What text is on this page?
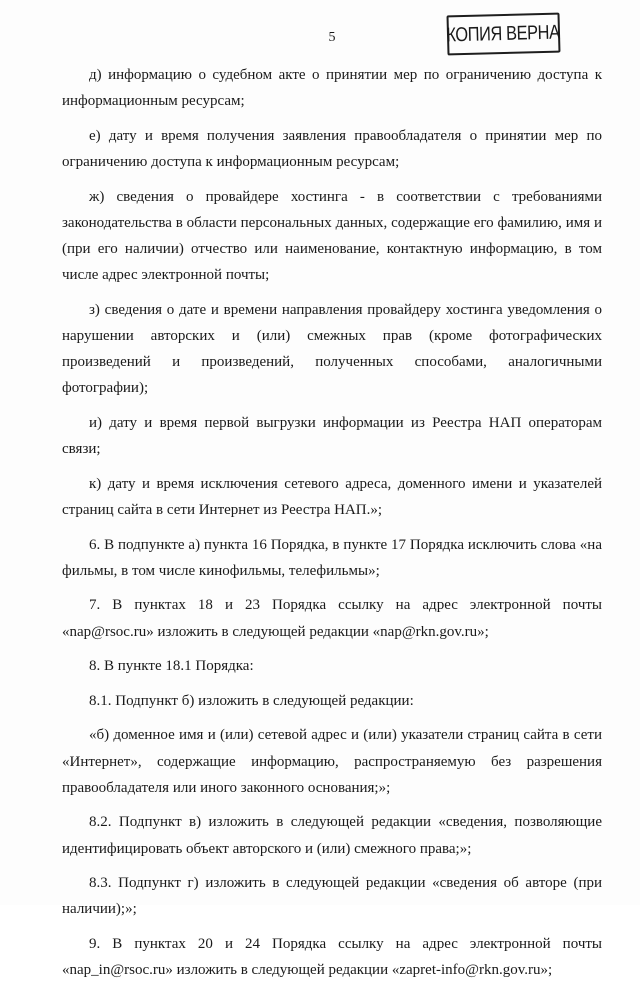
5	КОПИЯ ВЕРНА

д) информацию о судебном акте о принятии мер по ограничению доступа к информационным ресурсам;

е) дату и время получения заявления правообладателя о принятии мер по ограничению доступа к информационным ресурсам;

ж) сведения о провайдере хостинга - в соответствии с требованиями законодательства в области персональных данных, содержащие его фамилию, имя и (при его наличии) отчество или наименование, контактную информацию, в том числе адрес электронной почты;

з) сведения о дате и времени направления провайдеру хостинга уведомления о нарушении авторских и (или) смежных прав (кроме фотографических произведений и произведений, полученных способами, аналогичными фотографии);

и) дату и время первой выгрузки информации из Реестра НАП операторам связи;

к) дату и время исключения сетевого адреса, доменного имени и указателей страниц сайта в сети Интернет из Реестра НАП.»;

6. В подпункте а) пункта 16 Порядка, в пункте 17 Порядка исключить слова «на фильмы, в том числе кинофильмы, телефильмы»;

7. В пунктах 18 и 23 Порядка ссылку на адрес электронной почты «nap@rsoc.ru» изложить в следующей редакции «nap@rkn.gov.ru»;

8. В пункте 18.1 Порядка:

8.1. Подпункт б) изложить в следующей редакции:

«б) доменное имя и (или) сетевой адрес и (или) указатели страниц сайта в сети «Интернет», содержащие информацию, распространяемую без разрешения правообладателя или иного законного основания;»;

8.2. Подпункт в) изложить в следующей редакции «сведения, позволяющие идентифицировать объект авторского и (или) смежного права;»;

8.3. Подпункт г) изложить в следующей редакции «сведения об авторе (при наличии);»;

9. В пунктах 20 и 24 Порядка ссылку на адрес электронной почты «nap_in@rsoc.ru» изложить в следующей редакции «zapret-info@rkn.gov.ru»;
